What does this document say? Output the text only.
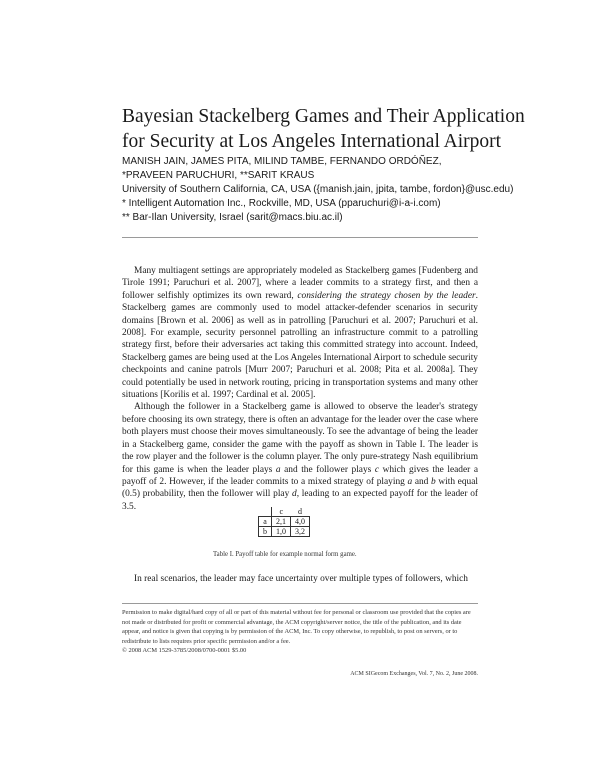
Bayesian Stackelberg Games and Their Application
for Security at Los Angeles International Airport
MANISH JAIN, JAMES PITA, MILIND TAMBE, FERNANDO ORDÓÑEZ,
*PRAVEEN PARUCHURI, **SARIT KRAUS
University of Southern California, CA, USA ({manish.jain, jpita, tambe, fordon}@usc.edu)
* Intelligent Automation Inc., Rockville, MD, USA (pparuchuri@i-a-i.com)
** Bar-Ilan University, Israel (sarit@macs.biu.ac.il)

Many multiagent settings are appropriately modeled as Stackelberg games [Fudenberg and Tirole 1991; Paruchuri et al. 2007], where a leader commits to a strategy first, and then a follower selfishly optimizes its own reward, considering the strategy chosen by the leader. Stackelberg games are commonly used to model attacker-defender scenarios in security domains [Brown et al. 2006] as well as in patrolling [Paruchuri et al. 2007; Paruchuri et al. 2008]. For example, security personnel patrolling an infrastructure commit to a patrolling strategy first, before their adversaries act taking this committed strategy into account. Indeed, Stackelberg games are being used at the Los Angeles International Airport to schedule security checkpoints and canine patrols [Murr 2007; Paruchuri et al. 2008; Pita et al. 2008a]. They could potentially be used in network routing, pricing in transportation systems and many other situations [Korilis et al. 1997; Cardinal et al. 2005].

Although the follower in a Stackelberg game is allowed to observe the leader's strategy before choosing its own strategy, there is often an advantage for the leader over the case where both players must choose their moves simultaneously. To see the advantage of being the leader in a Stackelberg game, consider the game with the payoff as shown in Table I. The leader is the row player and the follower is the column player. The only pure-strategy Nash equilibrium for this game is when the leader plays a and the follower plays c which gives the leader a payoff of 2. However, if the leader commits to a mixed strategy of playing a and b with equal (0.5) probability, then the follower will play d, leading to an expected payoff for the leader of 3.5.

		c	d
a	2,1	4,0
b	1,0	3,2
Table I. Payoff table for example normal form game.
In real scenarios, the leader may face uncertainty over multiple types of followers, which
Permission to make digital/hard copy of all or part of this material without fee for personal or classroom use provided that the copies are not made or distributed for profit or commercial advantage, the ACM copyright/server notice, the title of the publication, and its date appear, and notice is given that copying is by permission of the ACM, Inc. To copy otherwise, to republish, to post on servers, or to redistribute to lists requires prior specific permission and/or a fee.
© 2008 ACM 1529-3785/2008/0700-0001 $5.00
ACM SIGecom Exchanges, Vol. 7, No. 2, June 2008.
